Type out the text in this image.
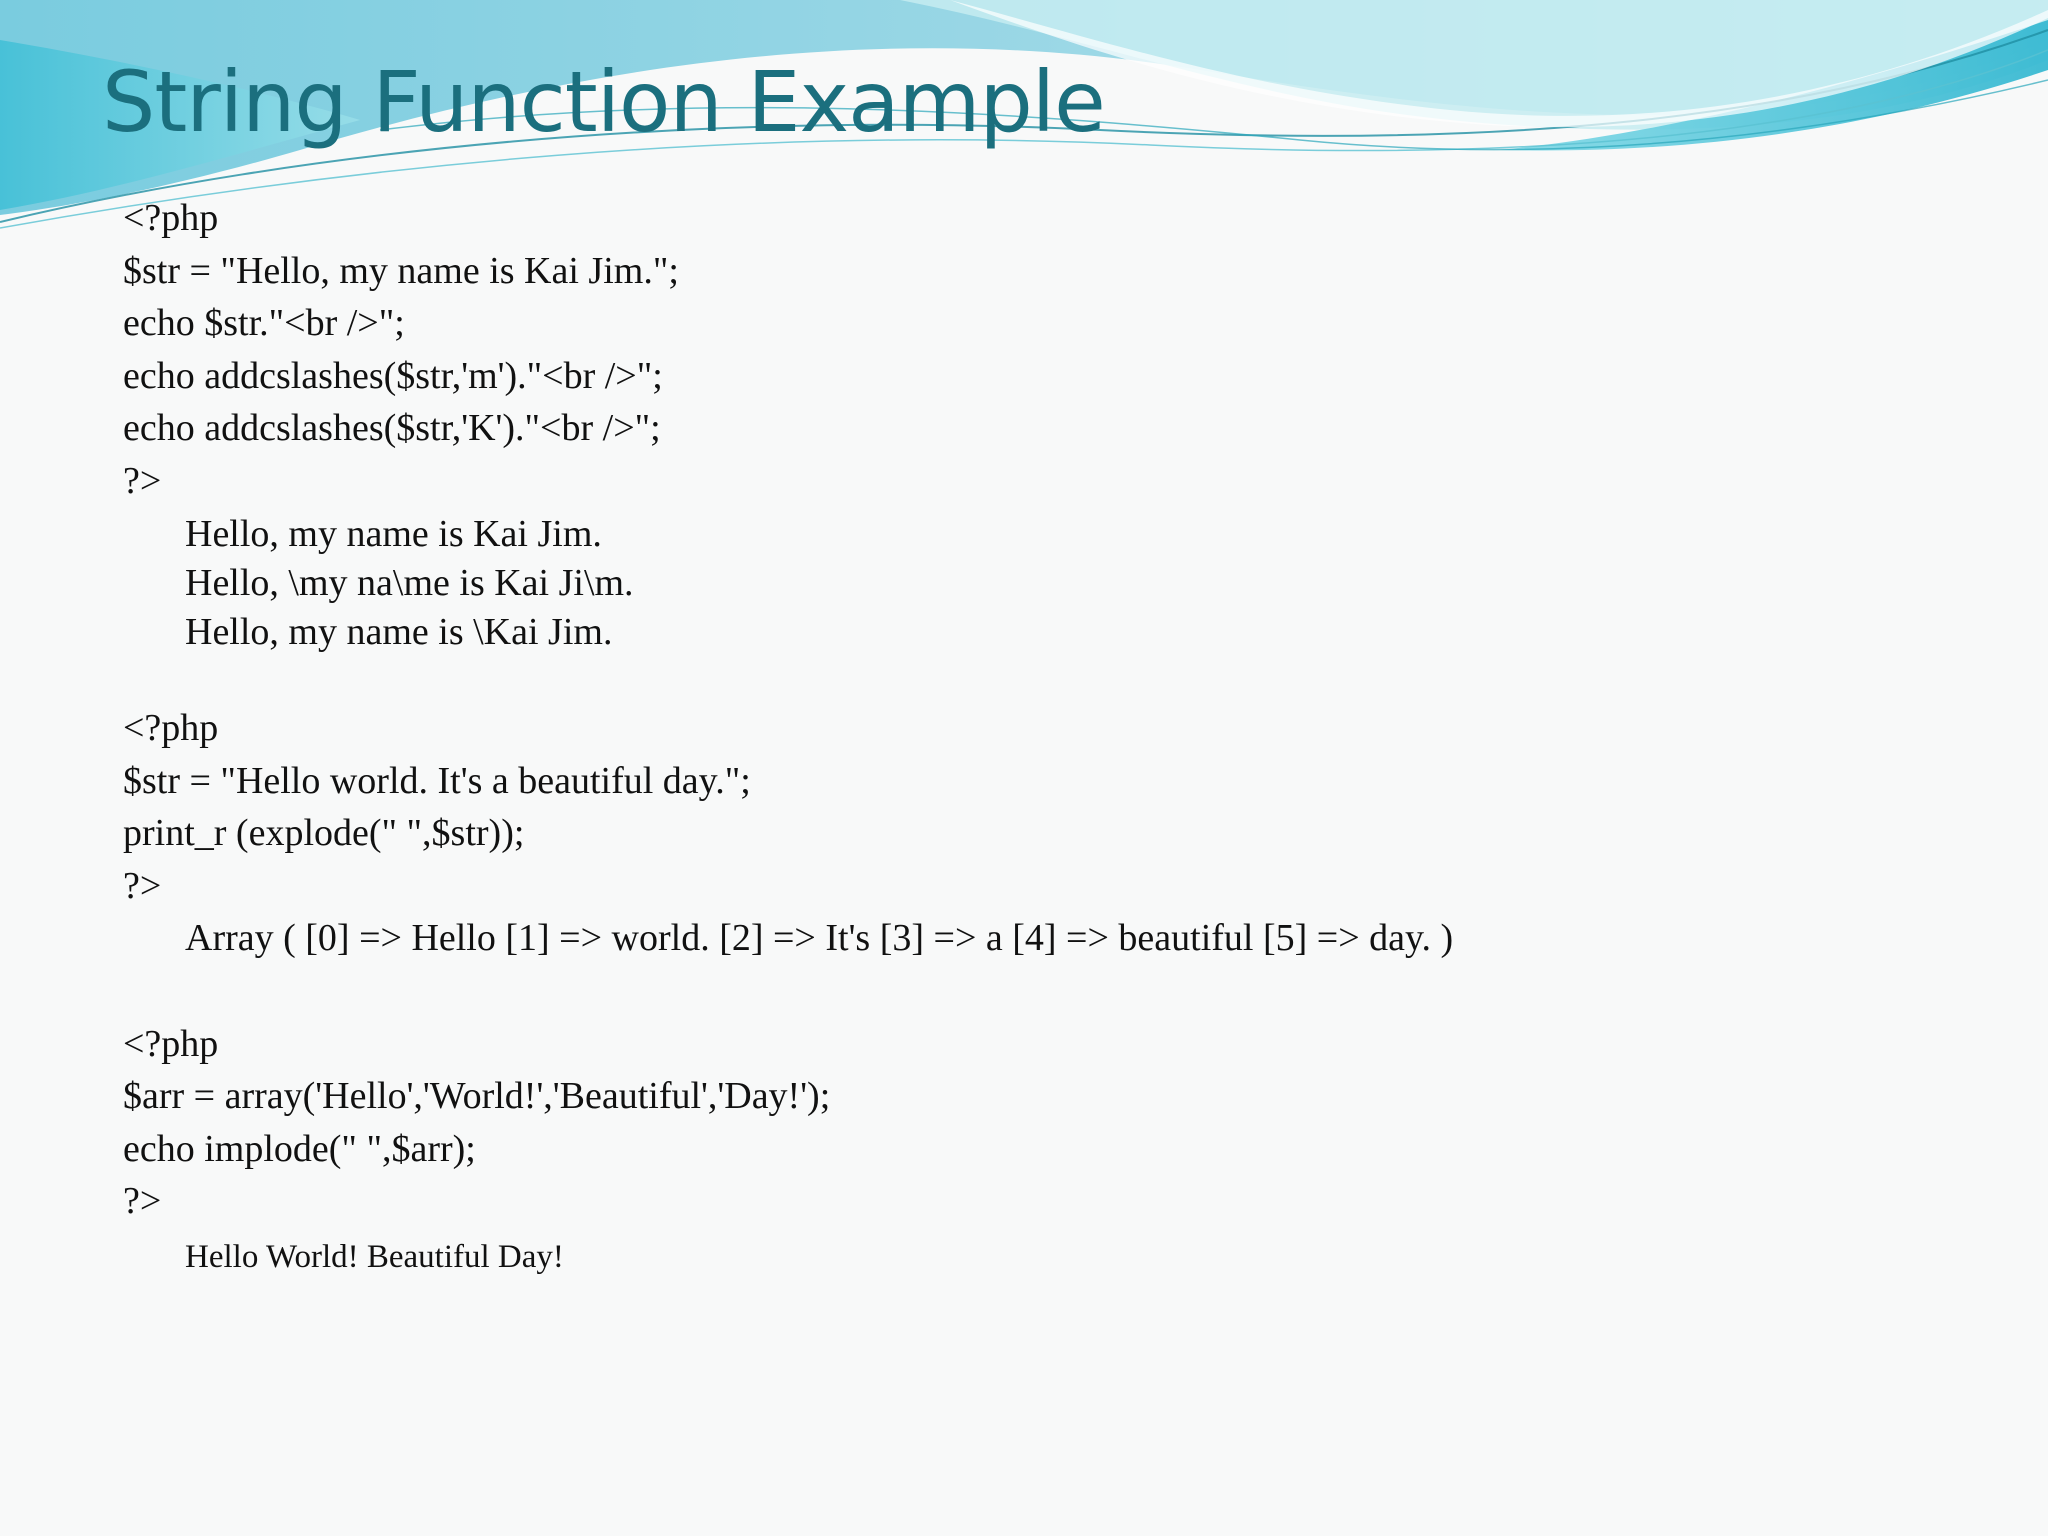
String Function Example
<?php
$str = "Hello, my name is Kai Jim.";
echo $str."<br />";
echo addcslashes($str,'m')."<br />";
echo addcslashes($str,'K')."<br />";
?>
Hello, my name is Kai Jim.
Hello, \my na\me is Kai Ji\m.
Hello, my name is \Kai Jim.
<?php
$str = "Hello world. It's a beautiful day.";
print_r (explode(" ",$str));
?>
Array ( [0] => Hello [1] => world. [2] => It's [3] => a [4] => beautiful [5] => day. )
<?php
$arr = array('Hello','World!','Beautiful','Day!');
echo implode(" ",$arr);
?>
Hello World! Beautiful Day!
